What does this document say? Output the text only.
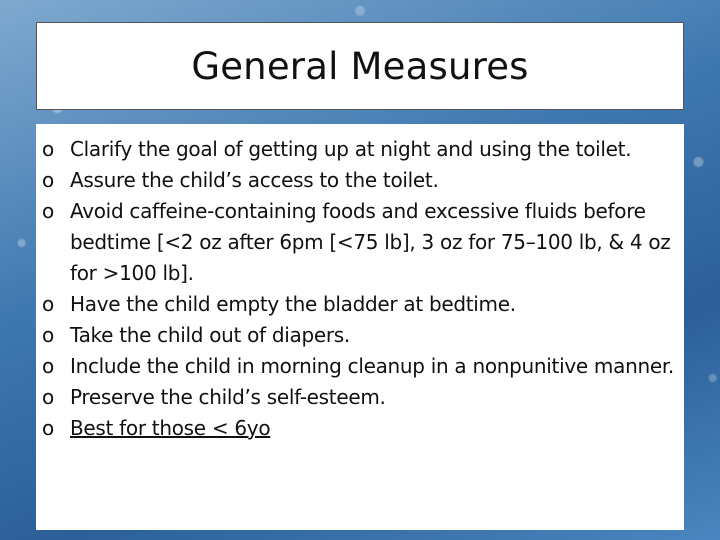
General Measures
o Clarify the goal of getting up at night and using the toilet.
o Assure the child’s access to the toilet.
o Avoid caffeine-containing foods and excessive fluids before bedtime [<2 oz after 6pm [<75 lb], 3 oz for 75–100 lb, & 4 oz for >100 lb].
o Have the child empty the bladder at bedtime.
o Take the child out of diapers.
o Include the child in morning cleanup in a nonpunitive manner.
o Preserve the child’s self-esteem.
o Best for those < 6yo
